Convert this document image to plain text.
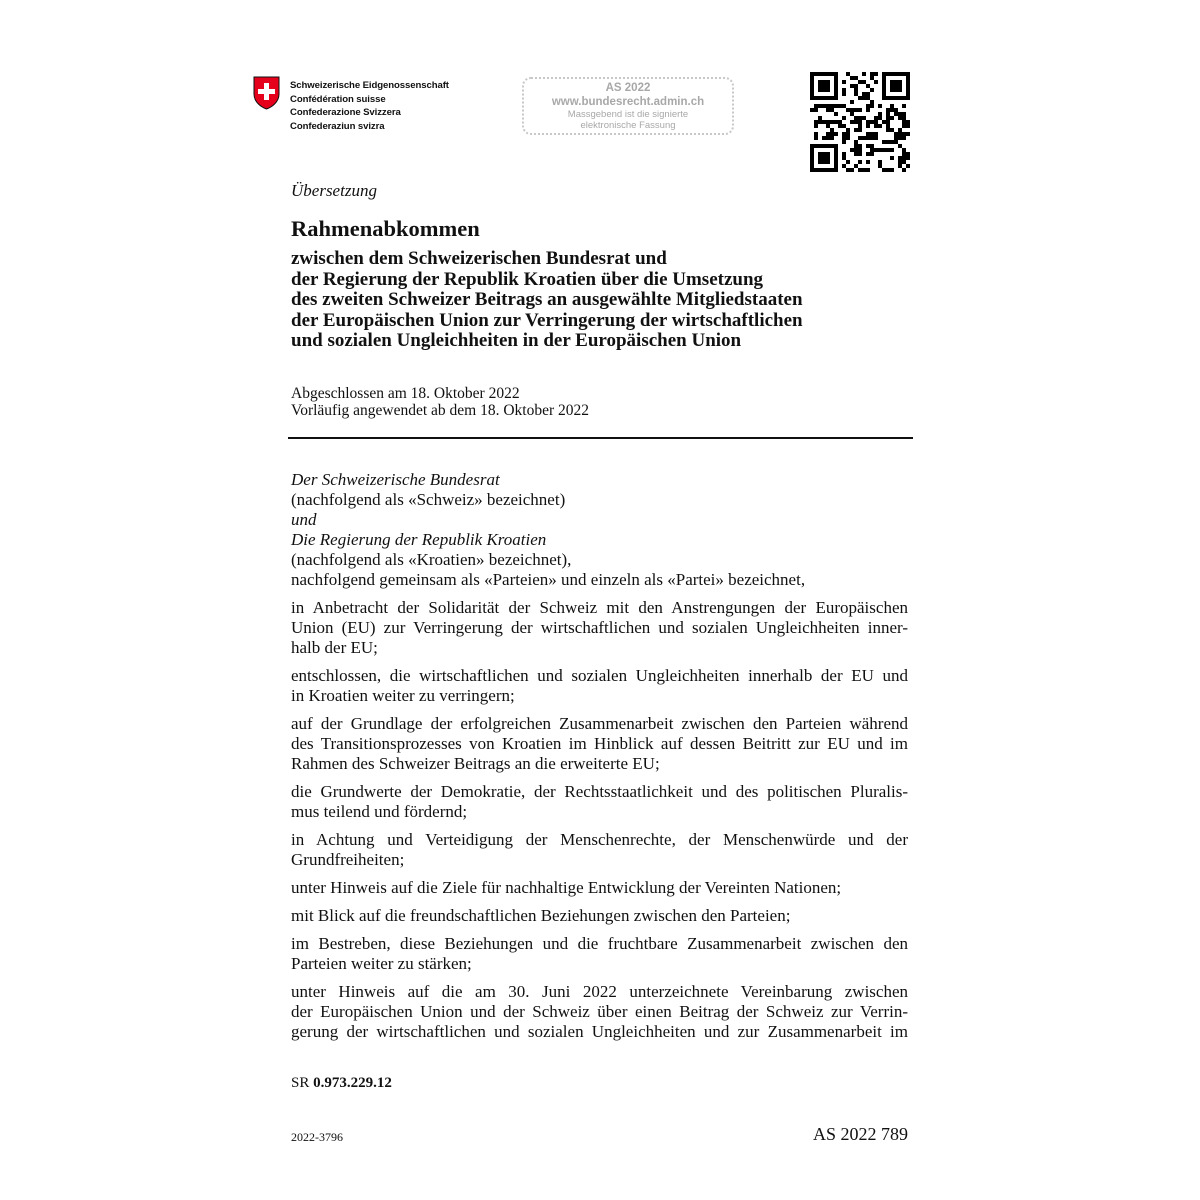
Schweizerische Eidgenossenschaft
Confédération suisse
Confederazione Svizzera
Confederaziun svizra
AS 2022
www.bundesrecht.admin.ch
Massgebend ist die signierte
elektronische Fassung
Übersetzung
Rahmenabkommen
zwischen dem Schweizerischen Bundesrat und
der Regierung der Republik Kroatien über die Umsetzung
des zweiten Schweizer Beitrags an ausgewählte Mitgliedstaaten
der Europäischen Union zur Verringerung der wirtschaftlichen
und sozialen Ungleichheiten in der Europäischen Union
Abgeschlossen am 18. Oktober 2022
Vorläufig angewendet ab dem 18. Oktober 2022
Der Schweizerische Bundesrat
(nachfolgend als «Schweiz» bezeichnet)
und
Die Regierung der Republik Kroatien
(nachfolgend als «Kroatien» bezeichnet),
nachfolgend gemeinsam als «Parteien» und einzeln als «Partei» bezeichnet,
in Anbetracht der Solidarität der Schweiz mit den Anstrengungen der Europäischen
Union (EU) zur Verringerung der wirtschaftlichen und sozialen Ungleichheiten inner-
halb der EU;
entschlossen, die wirtschaftlichen und sozialen Ungleichheiten innerhalb der EU und
in Kroatien weiter zu verringern;
auf der Grundlage der erfolgreichen Zusammenarbeit zwischen den Parteien während
des Transitionsprozesses von Kroatien im Hinblick auf dessen Beitritt zur EU und im
Rahmen des Schweizer Beitrags an die erweiterte EU;
die Grundwerte der Demokratie, der Rechtsstaatlichkeit und des politischen Pluralis-
mus teilend und fördernd;
in Achtung und Verteidigung der Menschenrechte, der Menschenwürde und der
Grundfreiheiten;
unter Hinweis auf die Ziele für nachhaltige Entwicklung der Vereinten Nationen;
mit Blick auf die freundschaftlichen Beziehungen zwischen den Parteien;
im Bestreben, diese Beziehungen und die fruchtbare Zusammenarbeit zwischen den
Parteien weiter zu stärken;
unter Hinweis auf die am 30. Juni 2022 unterzeichnete Vereinbarung zwischen
der Europäischen Union und der Schweiz über einen Beitrag der Schweiz zur Verrin-
gerung der wirtschaftlichen und sozialen Ungleichheiten und zur Zusammenarbeit im
SR 0.973.229.12
2022-3796	AS 2022 789
